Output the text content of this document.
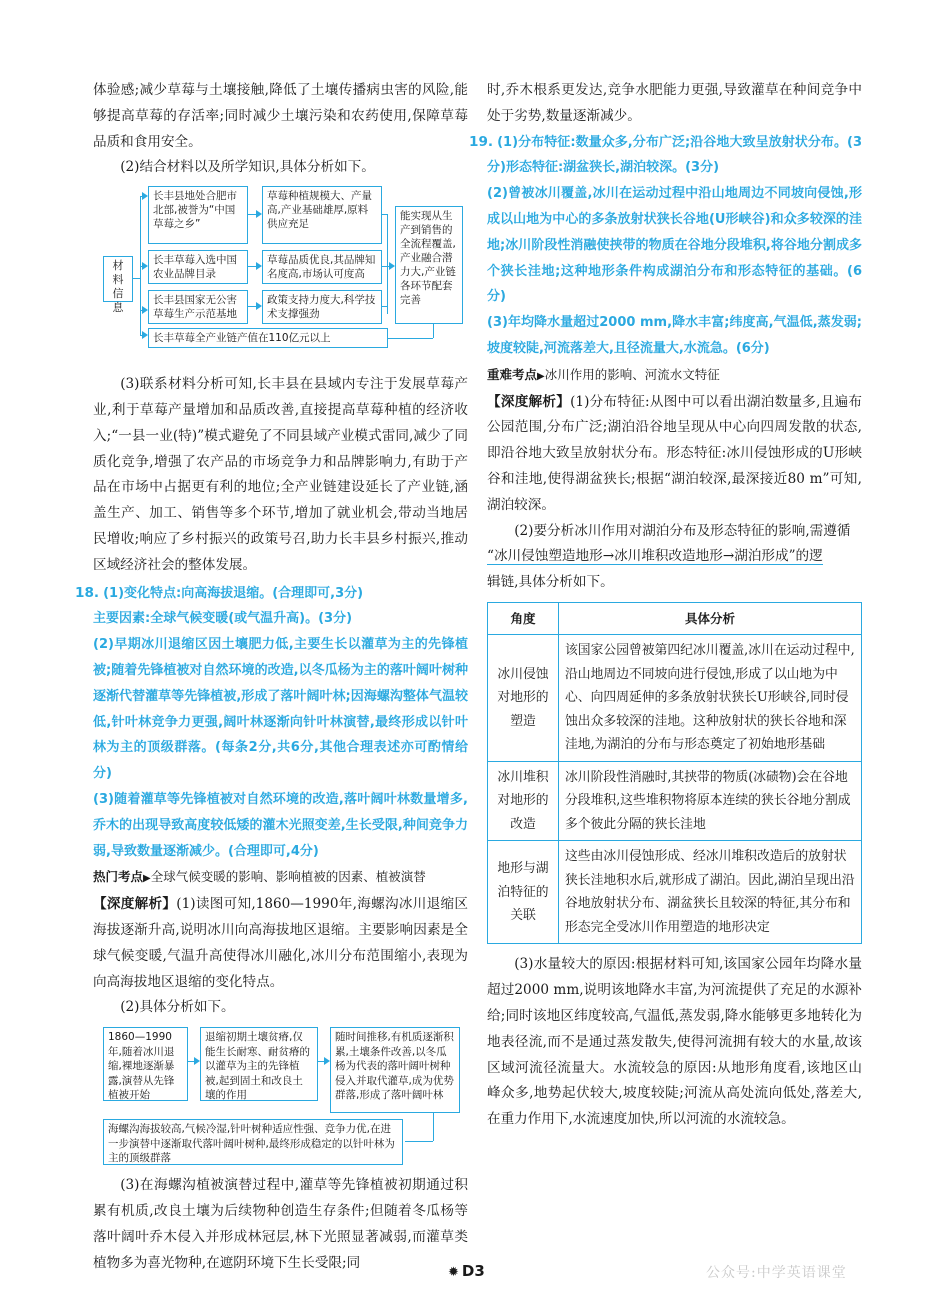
体验感;减少草莓与土壤接触,降低了土壤传播病虫害的风险,能够提高草莓的存活率;同时减少土壤污染和农药使用,保障草莓品质和食用安全。

(2)结合材料以及所学知识,具体分析如下。

材料信息
长丰县地处合肥市北部,被誉为“中国草莓之乡”
长丰草莓入选中国农业品牌目录
长丰县国家无公害草莓生产示范基地
长丰草莓全产业链产值在110亿元以上
草莓种植规模大、产量高,产业基础雄厚,原料供应充足
草莓品质优良,其品牌知名度高,市场认可度高
政策支持力度大,科学技术支撑强劲
能实现从生产到销售的全流程覆盖,产业融合潜力大,产业链各环节配套完善

(3)联系材料分析可知,长丰县在县域内专注于发展草莓产业,利于草莓产量增加和品质改善,直接提高草莓种植的经济收入;“一县一业(特)”模式避免了不同县域产业模式雷同,减少了同质化竞争,增强了农产品的市场竞争力和品牌影响力,有助于产品在市场中占据更有利的地位;全产业链建设延长了产业链,涵盖生产、加工、销售等多个环节,增加了就业机会,带动当地居民增收;响应了乡村振兴的政策号召,助力长丰县乡村振兴,推动区域经济社会的整体发展。

18. (1)变化特点:向高海拔退缩。(合理即可,3分)

主要因素:全球气候变暖(或气温升高)。(3分)

(2)早期冰川退缩区因土壤肥力低,主要生长以灌草为主的先锋植被;随着先锋植被对自然环境的改造,以冬瓜杨为主的落叶阔叶树种逐渐代替灌草等先锋植被,形成了落叶阔叶林;因海螺沟整体气温较低,针叶林竞争力更强,阔叶林逐渐向针叶林演替,最终形成以针叶林为主的顶级群落。(每条2分,共6分,其他合理表述亦可酌情给分)

(3)随着灌草等先锋植被对自然环境的改造,落叶阔叶林数量增多,乔木的出现导致高度较低矮的灌木光照变差,生长受限,种间竞争力弱,导致数量逐渐减少。(合理即可,4分)

热门考点▶全球气候变暖的影响、影响植被的因素、植被演替

【深度解析】(1)读图可知,1860—1990年,海螺沟冰川退缩区海拔逐渐升高,说明冰川向高海拔地区退缩。主要影响因素是全球气候变暖,气温升高使得冰川融化,冰川分布范围缩小,表现为向高海拔地区退缩的变化特点。

(2)具体分析如下。

1860—1990年,随着冰川退缩,裸地逐渐暴露,演替从先锋植被开始
退缩初期土壤贫瘠,仅能生长耐寒、耐贫瘠的以灌草为主的先锋植被,起到固土和改良土壤的作用
随时间推移,有机质逐渐积累,土壤条件改善,以冬瓜杨为代表的落叶阔叶树种侵入并取代灌草,成为优势群落,形成了落叶阔叶林
海螺沟海拔较高,气候冷湿,针叶树种适应性强、竞争力优,在进一步演替中逐渐取代落叶阔叶树种,最终形成稳定的以针叶林为主的顶级群落

(3)在海螺沟植被演替过程中,灌草等先锋植被初期通过积累有机质,改良土壤为后续物种创造生存条件;但随着冬瓜杨等落叶阔叶乔木侵入并形成林冠层,林下光照显著减弱,而灌草类植物多为喜光物种,在遮阴环境下生长受限;同

时,乔木根系更发达,竞争水肥能力更强,导致灌草在种间竞争中处于劣势,数量逐渐减少。

19. (1)分布特征:数量众多,分布广泛;沿谷地大致呈放射状分布。(3分)形态特征:湖盆狭长,湖泊较深。(3分)

(2)曾被冰川覆盖,冰川在运动过程中沿山地周边不同坡向侵蚀,形成以山地为中心的多条放射状狭长谷地(U形峡谷)和众多较深的洼地;冰川阶段性消融使挟带的物质在谷地分段堆积,将谷地分割成多个狭长洼地;这种地形条件构成湖泊分布和形态特征的基础。(6分)

(3)年均降水量超过2000 mm,降水丰富;纬度高,气温低,蒸发弱;坡度较陡,河流落差大,且径流量大,水流急。(6分)

重难考点▶冰川作用的影响、河流水文特征

【深度解析】(1)分布特征:从图中可以看出湖泊数量多,且遍布公园范围,分布广泛;湖泊沿谷地呈现从中心向四周发散的状态,即沿谷地大致呈放射状分布。形态特征:冰川侵蚀形成的U形峡谷和洼地,使得湖盆狭长;根据“湖泊较深,最深接近80 m”可知,湖泊较深。

(2)要分析冰川作用对湖泊分布及形态特征的影响,需遵循

“冰川侵蚀塑造地形→冰川堆积改造地形→湖泊形成”的逻

辑链,具体分析如下。

角度	具体分析
冰川侵蚀对地形的塑造	该国家公园曾被第四纪冰川覆盖,冰川在运动过程中,沿山地周边不同坡向进行侵蚀,形成了以山地为中心、向四周延伸的多条放射状狭长U形峡谷,同时侵蚀出众多较深的洼地。这种放射状的狭长谷地和深洼地,为湖泊的分布与形态奠定了初始地形基础
冰川堆积对地形的改造	冰川阶段性消融时,其挟带的物质(冰碛物)会在谷地分段堆积,这些堆积物将原本连续的狭长谷地分割成多个彼此分隔的狭长洼地
地形与湖泊特征的关联	这些由冰川侵蚀形成、经冰川堆积改造后的放射状狭长洼地积水后,就形成了湖泊。因此,湖泊呈现出沿谷地放射状分布、湖盆狭长且较深的特征,其分布和形态完全受冰川作用塑造的地形决定

(3)水量较大的原因:根据材料可知,该国家公园年均降水量超过2000 mm,说明该地降水丰富,为河流提供了充足的水源补给;同时该地区纬度较高,气温低,蒸发弱,降水能够更多地转化为地表径流,而不是通过蒸发散失,使得河流拥有较大的水量,故该区域河流径流量大。水流较急的原因:从地形角度看,该地区山峰众多,地势起伏较大,坡度较陡;河流从高处流向低处,落差大,在重力作用下,水流速度加快,所以河流的水流较急。

✹ D3	公众号:中学英语课堂
